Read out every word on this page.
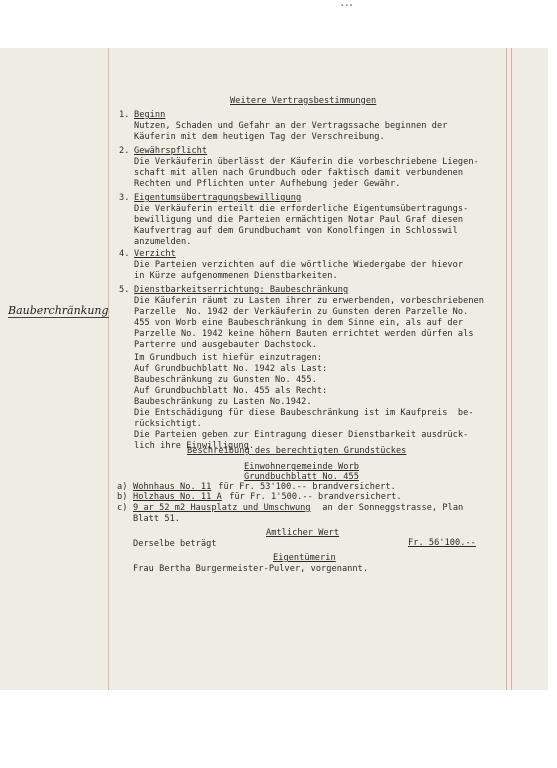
...
Bauberchränkung
Weitere Vertragsbestimmungen
1. Beginn
Nutzen, Schaden und Gefahr an der Vertragssache beginnen der
Käuferin mit dem heutigen Tag der Verschreibung.
2. Gewährspflicht
Die Verkäuferin überlässt der Käuferin die vorbeschriebene Liegen-
schaft mit allen nach Grundbuch oder faktisch damit verbundenen
Rechten und Pflichten unter Aufhebung jeder Gewähr.
3. Eigentumsübertragungsbewilligung
Die Verkäuferin erteilt die erforderliche Eigentumsübertragungs-
bewilligung und die Parteien ermächtigen Notar Paul Graf diesen
Kaufvertrag auf dem Grundbuchamt von Konolfingen in Schlosswil
anzumelden.
4. Verzicht
Die Parteien verzichten auf die wörtliche Wiedergabe der hievor
in Kürze aufgenommenen Dienstbarkeiten.
5. Dienstbarkeitserrichtung: Baubeschränkung
Die Käuferin räumt zu Lasten ihrer zu erwerbenden, vorbeschriebenen
Parzelle  No. 1942 der Verkäuferin zu Gunsten deren Parzelle No.
455 von Worb eine Baubeschränkung in dem Sinne ein, als auf der
Parzelle No. 1942 keine höhern Bauten errichtet werden dürfen als
Parterre und ausgebauter Dachstock.
Im Grundbuch ist hiefür einzutragen:
Auf Grundbuchblatt No. 1942 als Last:
Baubeschränkung zu Gunsten No. 455.
Auf Grundbuchblatt No. 455 als Recht:
Baubeschränkung zu Lasten No.1942.
Die Entschädigung für diese Baubeschränkung ist im Kaufpreis  be-
rücksichtigt.
Die Parteien geben zur Eintragung dieser Dienstbarkeit ausdrück-
lich ihre Einwilligung.
Beschreibung des berechtigten Grundstückes
Einwohnergemeinde Worb
Grundbuchblatt No. 455
a) Wohnhaus No. 11 für Fr. 53'100.-- brandversichert.
b) Holzhaus No. 11 A für Fr. 1'500.-- brandversichert.
c) 9 ar 52 m2 Hausplatz und Umschwung an der Sonneggstrasse, Plan
Blatt 51.
Amtlicher Wert
Derselbe beträgt	Fr. 56'100.--
Eigentümerin
Frau Bertha Burgermeister-Pulver, vorgenannt.
